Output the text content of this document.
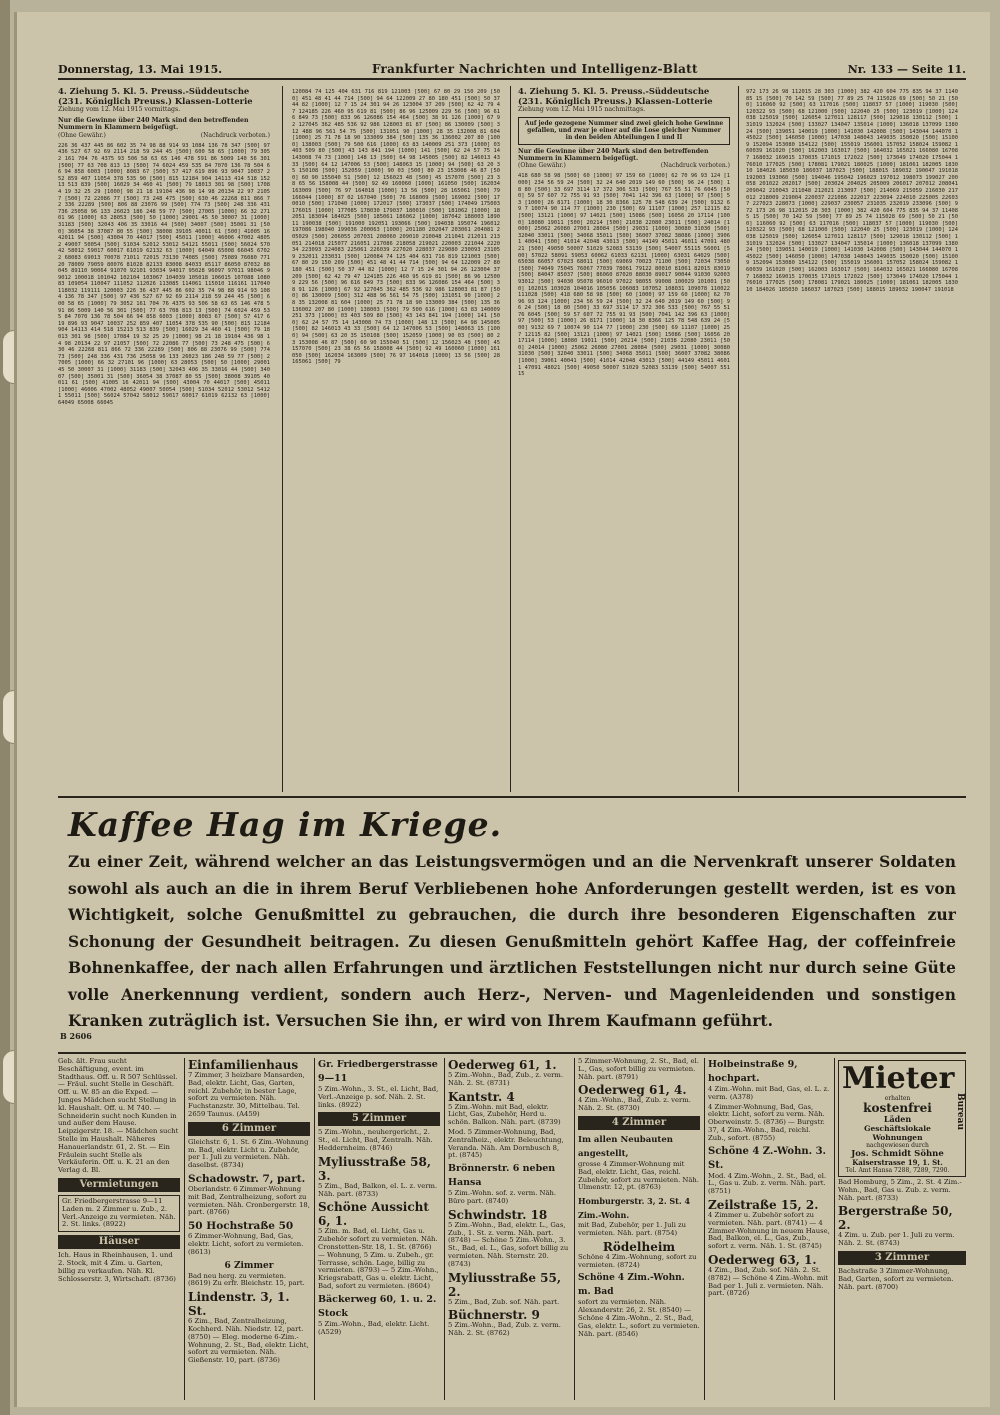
Donnerstag, 13. Mai 1915.	Frankfurter Nachrichten und Intelligenz-Blatt	Nr. 133 — Seite 11.
4. Ziehung 5. Kl. 5. Preuss.-Süddeutsche (231. Königlich Preuss.) Klassen-Lotterie
Ziehung vom 12. Mai 1915 vormittags.
Nur die Gewinne über 240 Mark sind den betreffenden Nummern in Klammern beigefügt.
(Ohne Gewähr.)	(Nachdruck verboten.)
226 36 437 445 86 602 35 74 98 88 914 93 1084 136 78 347 [500] 97 436 527 67 92 69 2114 218 59 244 45 [500] 600 58 65 [1000] 79 3052 161 704 76 4375 93 506 58 63 65 146 478 591 86 5009 140 56 301 [500] 77 63 708 813 13 [500] 74 6024 459 535 84 7070 136 78 504 66 94 858 6003 [1000] 8083 67 [500] 57 417 619 896 93 9047 10037 252 859 407 11054 378 535 90 [500] 815 12184 904 14113 414 518 15213 513 839 [500] 16029 34 460 41 [500] 79 18013 301 98 [500] 17084 19 32 25 29 [1000] 98 21 18 19104 436 98 14 98 20134 22 97 21057 [500] 72 22086 77 [500] 73 248 475 [500] 630 46 22268 811 866 72 336 22289 [500] 806 88 23076 99 [500] 774 73 [500] 248 336 431 736 25058 96 133 26023 186 248 59 77 [500] 27005 [1000] 66 32 27101 96 [1000] 63 28053 [500] 50 [1000] 29001 45 50 30007 31 [1000] 31183 [500] 32043 406 35 33016 44 [500] 34007 [500] 35001 31 [500] 36054 38 37087 80 55 [500] 38008 39105 40011 61 [500] 41005 16 42011 94 [500] 43004 70 44017 [500] 45011 [1000] 46006 47002 48052 49007 50054 [500] 51034 52012 53012 54121 55011 [500] 56024 57042 58012 59017 60017 61019 62132 63 [1000] 64049 65008 66045 67022 68083 69013 70078 71011 72015 73130 74085 [500] 75089 76080 77120 78009 79059 80076 81028 82133 83008 84033 85117 86050 87032 88045 89110 90064 91070 92101 93034 94017 95028 96097 97011 98046 99012 100018 101042 102104 103067 104039 105018 106015 107088 108083 109054 110047 111052 112026 113085 114061 115010 116161 117040 118032 119111 120003 226 36 437 445 86 602 35 74 98 88 914 93 1084 136 78 347 [500] 97 436 527 67 92 69 2114 218 59 244 45 [500] 600 58 65 [1000] 79 3052 161 704 76 4375 93 506 58 63 65 146 478 591 86 5009 140 56 301 [500] 77 63 708 813 13 [500] 74 6024 459 535 84 7070 136 78 504 66 94 858 6003 [1000] 8083 67 [500] 57 417 619 896 93 9047 10037 252 859 407 11054 378 535 90 [500] 815 12184 904 14113 414 518 15213 513 839 [500] 16029 34 460 41 [500] 79 18013 301 98 [500] 17084 19 32 25 29 [1000] 98 21 18 19104 436 98 14 98 20134 22 97 21057 [500] 72 22086 77 [500] 73 248 475 [500] 630 46 22268 811 866 72 336 22289 [500] 806 88 23076 99 [500] 774 73 [500] 248 336 431 736 25058 96 133 26023 186 248 59 77 [500] 27005 [1000] 66 32 27101 96 [1000] 63 28053 [500] 50 [1000] 29001 45 50 30007 31 [1000] 31183 [500] 32043 406 35 33016 44 [500] 34007 [500] 35001 31 [500] 36054 38 37087 80 55 [500] 38008 39105 40011 61 [500] 41005 16 42011 94 [500] 43004 70 44017 [500] 45011 [1000] 46006 47002 48052 49007 50054 [500] 51034 52012 53012 54121 55011 [500] 56024 57042 58012 59017 60017 61019 62132 63 [1000] 64049 65008 66045
120084 74 125 404 631 716 819 121003 [500] 67 80 29 150 209 [500] 451 48 41 44 714 [500] 94 64 122009 27 80 180 451 [500] 50 37 44 82 [1000] 12 7 15 24 301 94 26 123004 37 209 [500] 62 42 79 47 124185 226 460 95 619 81 [500] 86 96 125009 229 56 [500] 96 616 849 73 [500] 833 96 126086 154 464 [500] 38 91 126 [1000] 67 92 127045 362 485 536 92 986 128003 81 87 [500] 86 130009 [500] 312 488 96 561 54 75 [500] 131051 90 [1000] 28 35 132008 81 604 [1000] 25 71 78 18 90 133009 384 [500] 135 36 136002 207 80 [1000] 138003 [500] 79 500 616 [1000] 63 83 140009 251 373 [1000] 03 403 509 80 [500] 43 143 841 194 [1000] 141 [500] 62 24 57 75 14 143008 74 73 [1000] 148 13 [500] 64 98 145005 [500] 82 146013 43 33 [500] 64 12 147006 53 [500] 148063 15 [1000] 94 [500] 63 20 35 150108 [500] 152059 [1000] 90 03 [500] 80 23 153008 46 87 [500] 60 90 155040 51 [500] 12 156023 48 [500] 45 157070 [500] 23 38 65 56 158008 44 [500] 92 49 160060 [1000] 161050 [500] 162034 163009 [500] 76 97 164018 [1000] 13 56 [500] 28 165061 [500] 79 166044 [1000] 87 02 167040 [500] 76 168009 [500] 169002 [500] 170010 [500] 171040 [1000] 172017 [500] 173037 [500] 174049 175003 176015 [1000] 177085 178030 179037 180010 [500] 181062 [1000] 182051 183094 184025 [500] 185061 186062 [1000] 187042 188003 189011 190038 [500] 191000 192051 193066 [500] 194038 195074 196012 197086 198040 199036 200063 [1000] 201180 202047 203061 204081 205029 [500] 206055 207031 208060 209010 210048 211041 212011 213051 214018 215077 216051 217086 218058 219021 220003 221044 222034 223093 224083 225061 226039 227020 228037 229080 230093 231059 232011 233031 [500] 120084 74 125 404 631 716 819 121003 [500] 67 80 29 150 209 [500] 451 48 41 44 714 [500] 94 64 122009 27 80 180 451 [500] 50 37 44 82 [1000] 12 7 15 24 301 94 26 123004 37 209 [500] 62 42 79 47 124185 226 460 95 619 81 [500] 86 96 125009 229 56 [500] 96 616 849 73 [500] 833 96 126086 154 464 [500] 38 91 126 [1000] 67 92 127045 362 485 536 92 986 128003 81 87 [500] 86 130009 [500] 312 488 96 561 54 75 [500] 131051 90 [1000] 28 35 132008 81 604 [1000] 25 71 78 18 90 133009 384 [500] 135 36 136002 207 80 [1000] 138003 [500] 79 500 616 [1000] 63 83 140009 251 373 [1000] 03 403 509 80 [500] 43 143 841 194 [1000] 141 [500] 62 24 57 75 14 143008 74 73 [1000] 148 13 [500] 64 98 145005 [500] 82 146013 43 33 [500] 64 12 147006 53 [500] 148063 15 [1000] 94 [500] 63 20 35 150108 [500] 152059 [1000] 90 03 [500] 80 23 153008 46 87 [500] 60 90 155040 51 [500] 12 156023 48 [500] 45 157070 [500] 23 38 65 56 158008 44 [500] 92 49 160060 [1000] 161050 [500] 162034 163009 [500] 76 97 164018 [1000] 13 56 [500] 28 165061 [500] 79
4. Ziehung 5. Kl. 5. Preuss.-Süddeutsche (231. Königlich Preuss.) Klassen-Lotterie
Ziehung vom 12. Mai 1915 nachmittags.
Auf jede gezogene Nummer sind zwei gleich hohe Gewinne gefallen, und zwar je einer auf die Lose gleicher Nummer in den beiden Abteilungen I und II
Nur die Gewinne über 240 Mark sind den betreffenden Nummern in Klammern beigefügt.
(Ohne Gewähr.)	(Nachdruck verboten.)
418 680 58 98 [500] 60 [1000] 97 159 60 [1000] 62 70 96 93 124 [1000] 234 56 59 24 [500] 32 24 640 2019 149 60 [500] 96 24 [500] 18 80 [500] 33 697 3114 17 372 306 533 [500] 767 55 51 76 6045 [500] 59 57 607 72 755 91 93 [500] 7041 142 396 63 [1000] 97 [500] 53 [1000] 26 8171 [1000] 18 30 8366 125 78 548 639 24 [500] 9132 69 7 10074 90 114 77 [1000] 230 [500] 69 11107 [1000] 257 12115 82 [500] 13121 [1000] 97 14021 [500] 15086 [500] 16056 20 17114 [1000] 18080 19011 [500] 20214 [500] 21038 22080 23011 [500] 24014 [1000] 25062 26080 27001 28084 [500] 29031 [1000] 30080 31030 [500] 32040 33011 [500] 34068 35011 [500] 36007 37082 38086 [1000] 39061 40041 [500] 41014 42048 43013 [500] 44149 45011 46011 47091 48021 [500] 49050 50007 51029 52083 53139 [500] 54007 55115 56001 [500] 57022 58091 59053 60062 61033 62131 [1000] 63031 64029 [500] 65038 66057 67023 68011 [500] 69069 70023 71100 [500] 72034 73050 [500] 74049 75045 76067 77039 78061 79122 80010 81061 82015 83019 [500] 84047 85037 [500] 86060 87020 88030 89017 90044 91030 92003 93012 [500] 94030 95078 96010 97022 98055 99008 100029 101001 [500] 102015 103028 104016 105056 106083 107052 108031 109078 110022 111028 [500] 418 680 58 98 [500] 60 [1000] 97 159 60 [1000] 62 70 96 93 124 [1000] 234 56 59 24 [500] 32 24 640 2019 149 60 [500] 96 24 [500] 18 80 [500] 33 697 3114 17 372 306 533 [500] 767 55 51 76 6045 [500] 59 57 607 72 755 91 93 [500] 7041 142 396 63 [1000] 97 [500] 53 [1000] 26 8171 [1000] 18 30 8366 125 78 548 639 24 [500] 9132 69 7 10074 90 114 77 [1000] 230 [500] 69 11107 [1000] 257 12115 82 [500] 13121 [1000] 97 14021 [500] 15086 [500] 16056 20 17114 [1000] 18080 19011 [500] 20214 [500] 21038 22080 23011 [500] 24014 [1000] 25062 26080 27001 28084 [500] 29031 [1000] 30080 31030 [500] 32040 33011 [500] 34068 35011 [500] 36007 37082 38086 [1000] 39061 40041 [500] 41014 42048 43013 [500] 44149 45011 46011 47091 48021 [500] 49050 50007 51029 52083 53139 [500] 54007 55115
972 173 26 98 112015 28 303 [1000] 382 420 604 775 835 94 37 114085 15 [500] 70 142 59 [500] 77 89 25 74 115028 69 [500] 50 21 [500] 116060 92 [500] 63 117016 [500] 118037 57 [1000] 119030 [500] 120322 93 [500] 68 121000 [500] 122040 25 [500] 123019 [1000] 124038 125019 [500] 126054 127011 128117 [500] 129018 130112 [500] 131019 132024 [500] 133027 134047 135014 [1000] 136018 137099 138024 [500] 139051 140019 [1000] 141030 142008 [500] 143044 144070 145022 [500] 146050 [1000] 147038 148043 149035 150020 [500] 151009 152094 153080 154122 [500] 155019 156001 157052 158024 159082 160039 161020 [500] 162003 163017 [500] 164032 165021 166080 167087 168032 169015 170035 171015 172022 [500] 173049 174020 175044 176010 177025 [500] 178081 179021 180025 [1000] 181061 182005 183010 184026 185030 186037 187023 [500] 188015 189032 190047 191018 192003 193060 [500] 194046 195042 196023 197012 198073 199027 200058 201022 202017 [500] 203024 204025 205009 206017 207012 208041 209042 210043 211048 212021 213097 [500] 214069 215059 216030 217012 218009 219004 220037 221086 222017 223094 224010 225005 226037 227023 228073 [1000] 229037 230057 231035 232019 233096 [500] 972 173 26 98 112015 28 303 [1000] 382 420 604 775 835 94 37 114085 15 [500] 70 142 59 [500] 77 89 25 74 115028 69 [500] 50 21 [500] 116060 92 [500] 63 117016 [500] 118037 57 [1000] 119030 [500] 120322 93 [500] 68 121000 [500] 122040 25 [500] 123019 [1000] 124038 125019 [500] 126054 127011 128117 [500] 129018 130112 [500] 131019 132024 [500] 133027 134047 135014 [1000] 136018 137099 138024 [500] 139051 140019 [1000] 141030 142008 [500] 143044 144070 145022 [500] 146050 [1000] 147038 148043 149035 150020 [500] 151009 152094 153080 154122 [500] 155019 156001 157052 158024 159082 160039 161020 [500] 162003 163017 [500] 164032 165021 166080 167087 168032 169015 170035 171015 172022 [500] 173049 174020 175044 176010 177025 [500] 178081 179021 180025 [1000] 181061 182005 183010 184026 185030 186037 187023 [500] 188015 189032 190047 191018
Kaffee Hag im Kriege.
Zu einer Zeit, während welcher an das Leistungsvermögen und an die Nervenkraft unserer Soldaten sowohl als auch an die in ihrem Beruf Verbliebenen hohe Anforderungen gestellt werden, ist es von Wichtigkeit, solche Genußmittel zu gebrauchen, die durch ihre besonderen Eigenschaften zur Schonung der Gesundheit beitragen. Zu diesen Genußmitteln gehört Kaffee Hag, der coffeinfreie Bohnenkaffee, der nach allen Erfahrungen und ärztlichen Feststellungen nicht nur durch seine Güte volle Anerkennung verdient, sondern auch Herz-, Nerven- und Magenleidenden und sonstigen Kranken zuträglich ist. Versuchen Sie ihn, er wird von Ihrem Kaufmann geführt.
B 2606

Geb. ält. Frau sucht Beschäftigung, event. im Stadthaus. Off. u. R 507 Schlüssel. — Fräul. sucht Stelle in Geschäft. Off. u. W. 85 an die Exped. — Junges Mädchen sucht Stellung in kl. Haushalt. Off. u. M 740. — Schneiderin sucht noch Kunden in und außer dem Hause. Leipzigerstr. 18. — Mädchen sucht Stelle im Haushalt. Näheres Hanauerlandstr. 61, 2. St. — Ein Fräulein sucht Stelle als Verkäuferin. Off. u. K. 21 an den Verlag d. Bl.

Vermietungen

Gr. Friedbergerstrasse 9—11 Laden m. 2 Zimmer u. Zub., 2. Verl.-Anzeige zu vermieten. Näh. 2. St. links. (8922)

Häuser

Ich. Haus in Rheinhausen, 1. und 2. Stock, mit 4 Zim. u. Garten, billig zu verkaufen. Näh. Kl. Schlosserstr. 3, Wirtschaft. (8736)

Einfamilienhaus

7 Zimmer, 3 heizbare Mansarden, Bad, elektr. Licht, Gas, Garten, reichl. Zubehör, in bester Lage, sofort zu vermieten. Näh. Fuchstanzstr. 30, Mittelbau. Tel. 2659 Taunus. (A459)

6 Zimmer

Gleichstr. 6, 1. St. 6 Zim.-Wohnung m. Bad, elektr. Licht u. Zubehör, per 1. Juli zu vermieten. Näh. daselbst. (8734)

Schadowstr. 7, part.

Oberlandstr. 6 Zimmer-Wohnung mit Bad, Zentralheizung, sofort zu vermieten. Näh. Cronbergerstr. 18, part. (8766)

50 Hochstraße 50

6 Zimmer-Wohnung, Bad, Gas, elektr. Licht, sofort zu vermieten. (8613)

6 Zimmer

Bad neu herg. zu vermieten. (8619) Zu erfr. Bleichstr. 15, part.

Lindenstr. 3, 1. St.

6 Zim., Bad, Zentralheizung, Kochherd. Näh. Niedstr. 12, part. (8750) — Eleg. moderne 6-Zim.-Wohnung, 2. St., Bad, elektr. Licht, sofort zu vermieten. Näh. Gießenstr. 10, part. (8736)

Gr. Friedbergerstrasse 9—11

5 Zim.-Wohn., 3. St., el. Licht, Bad, Verl.-Anzeige p. sof. Näh. 2. St. links. (8922)

5 Zimmer

5 Zim.-Wohn., neuhergericht., 2. St., el. Licht, Bad, Zentralh. Näh. Heddernheim. (8746)

Myliusstraße 58, 3.

5 Zim., Bad, Balkon, el. L. z. verm. Näh. part. (8733)

Schöne Aussicht 6, 1.

5 Zim. m. Bad, el. Licht, Gas u. Zubehör sofort zu vermieten. Näh. Cronstetten-Str. 18, 1. St. (8766) — Wohnung, 5 Zim. u. Zubeh., gr. Terrasse, schön. Lage, billig zu vermieten. (8793) — 5 Zim.-Wohn., Kriegsrabatt, Gas u. elektr. Licht, Bad, sofort zu vermieten. (8604)

Bäckerweg 60, 1. u. 2. Stock

5 Zim.-Wohn., Bad, elektr. Licht. (A529)

Oederweg 61, 1.

5 Zim.-Wohn., Bad, Zub., z. verm. Näh. 2. St. (8731)

Kantstr. 4

5 Zim.-Wohn. mit Bad, elektr. Licht, Gas, Zubehör, Herd u. schön. Balkon. Näh. part. (8739)

Mod. 5 Zimmer-Wohnung, Bad, Zentralheiz., elektr. Beleuchtung, Veranda. Näh. Am Dornbusch 8, pt. (8745)

Brönnerstr. 6 neben Hansa

5 Zim.-Wohn. sof. z. verm. Näh. Büro part. (8740)

Schwindstr. 18

5 Zim.-Wohn., Bad, elektr. L., Gas, Zub., 1. St. z. verm. Näh. part. (8748) — Schöne 5 Zim.-Wohn., 3. St., Bad, el. L., Gas, sofort billig zu vermieten. Näh. Sternstr. 20. (8743)

Myliusstraße 55, 2.

5 Zim., Bad, Zub. sof. Näh. part.

Büchnerstr. 9

5 Zim.-Wohn., Bad, Zub. z. verm. Näh. 2. St. (8762)

5 Zimmer-Wohnung, 2. St., Bad, el. L., Gas, sofort billig zu vermieten. Näh. part. (8791)

Oederweg 61, 4.

4 Zim.-Wohn., Bad, Zub. z. verm. Näh. 2. St. (8730)

4 Zimmer
Im allen Neubauten angestellt,

grosse 4 Zimmer-Wohnung mit Bad, elektr. Licht, Gas, reichl. Zubehör, sofort zu vermieten. Näh. Ulmenstr. 12, pt. (8763)

Homburgerstr. 3, 2. St. 4 Zim.-Wohn.

mit Bad, Zubehör, per 1. Juli zu vermieten. Näh. part. (8754)

Rödelheim

Schöne 4 Zim.-Wohnung, sofort zu vermieten. (8724)

Schöne 4 Zim.-Wohn. m. Bad

sofort zu vermieten. Näh. Alexanderstr. 26, 2. St. (8540) — Schöne 4 Zim.-Wohn., 2. St., Bad, Gas, elektr. L., sofort zu vermieten. Näh. part. (8546)

Holbeinstraße 9, hochpart.

4 Zim.-Wohn. mit Bad, Gas, el. L. z. verm. (A378)

4 Zimmer-Wohnung, Bad, Gas, elektr. Licht, sofort zu verm. Näh. Oberweinstr. 5. (8736) — Burgstr. 37, 4 Zim.-Wohn., Bad, reichl. Zub., sofort. (8755)

Schöne 4 Z.-Wohn. 3. St.

Mod. 4 Zim.-Wohn., 2. St., Bad, el. L., Gas u. Zub. z. verm. Näh. part. (8751)

Zeilstraße 15, 2.

4 Zimmer u. Zubehör sofort zu vermieten. Näh. part. (8741) — 4 Zimmer-Wohnung in neuem Hause, Bad, Balkon, el. L., Gas, Zub., sofort z. verm. Näh. 1. St. (8745)

Oederweg 63, 1.

4 Zim., Bad, Zub. sof. Näh. 2. St. (8782) — Schöne 4 Zim.-Wohn. mit Bad per 1. Juli z. vermieten. Näh. part. (8726)

Mieter
erhalten
kostenfrei
Läden
Geschäftslokale
Wohnungen
nachgewiesen durch
Jos. Schmidt Söhne
Kaiserstrasse 19, 1. St.
Tel. Amt Hansa 7288, 7289, 7290.
Bureau

Bad Homburg, 5 Zim., 2. St. 4 Zim.-Wohn., Bad, Gas u. Zub. z. verm. Näh. part. (8733)

Bergerstraße 50, 2.

4 Zim. u. Zub. per 1. Juli zu verm. Näh. 2. St. (8743)

3 Zimmer

Bachstraße 3 Zimmer-Wohnung, Bad, Garten, sofort zu vermieten. Näh. part. (8700)
